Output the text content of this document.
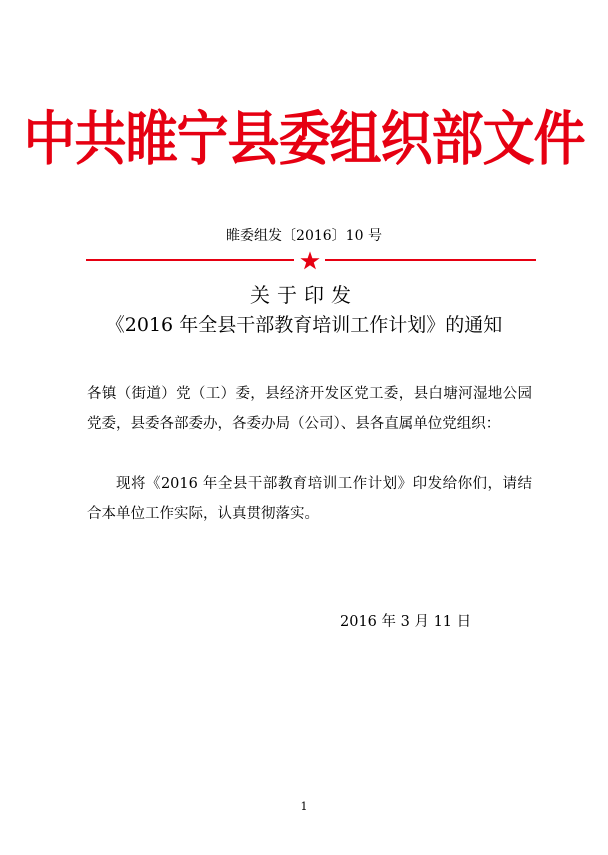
中共睢宁县委组织部文件
睢委组发〔2016〕10 号
关于印发
《2016 年全县干部教育培训工作计划》的通知
各镇（街道）党（工）委，县经济开发区党工委，县白塘河湿地公园党委，县委各部委办，各委办局（公司）、县各直属单位党组织：
现将《2016 年全县干部教育培训工作计划》印发给你们，请结合本单位工作实际，认真贯彻落实。
2016 年 3 月 11 日
1
